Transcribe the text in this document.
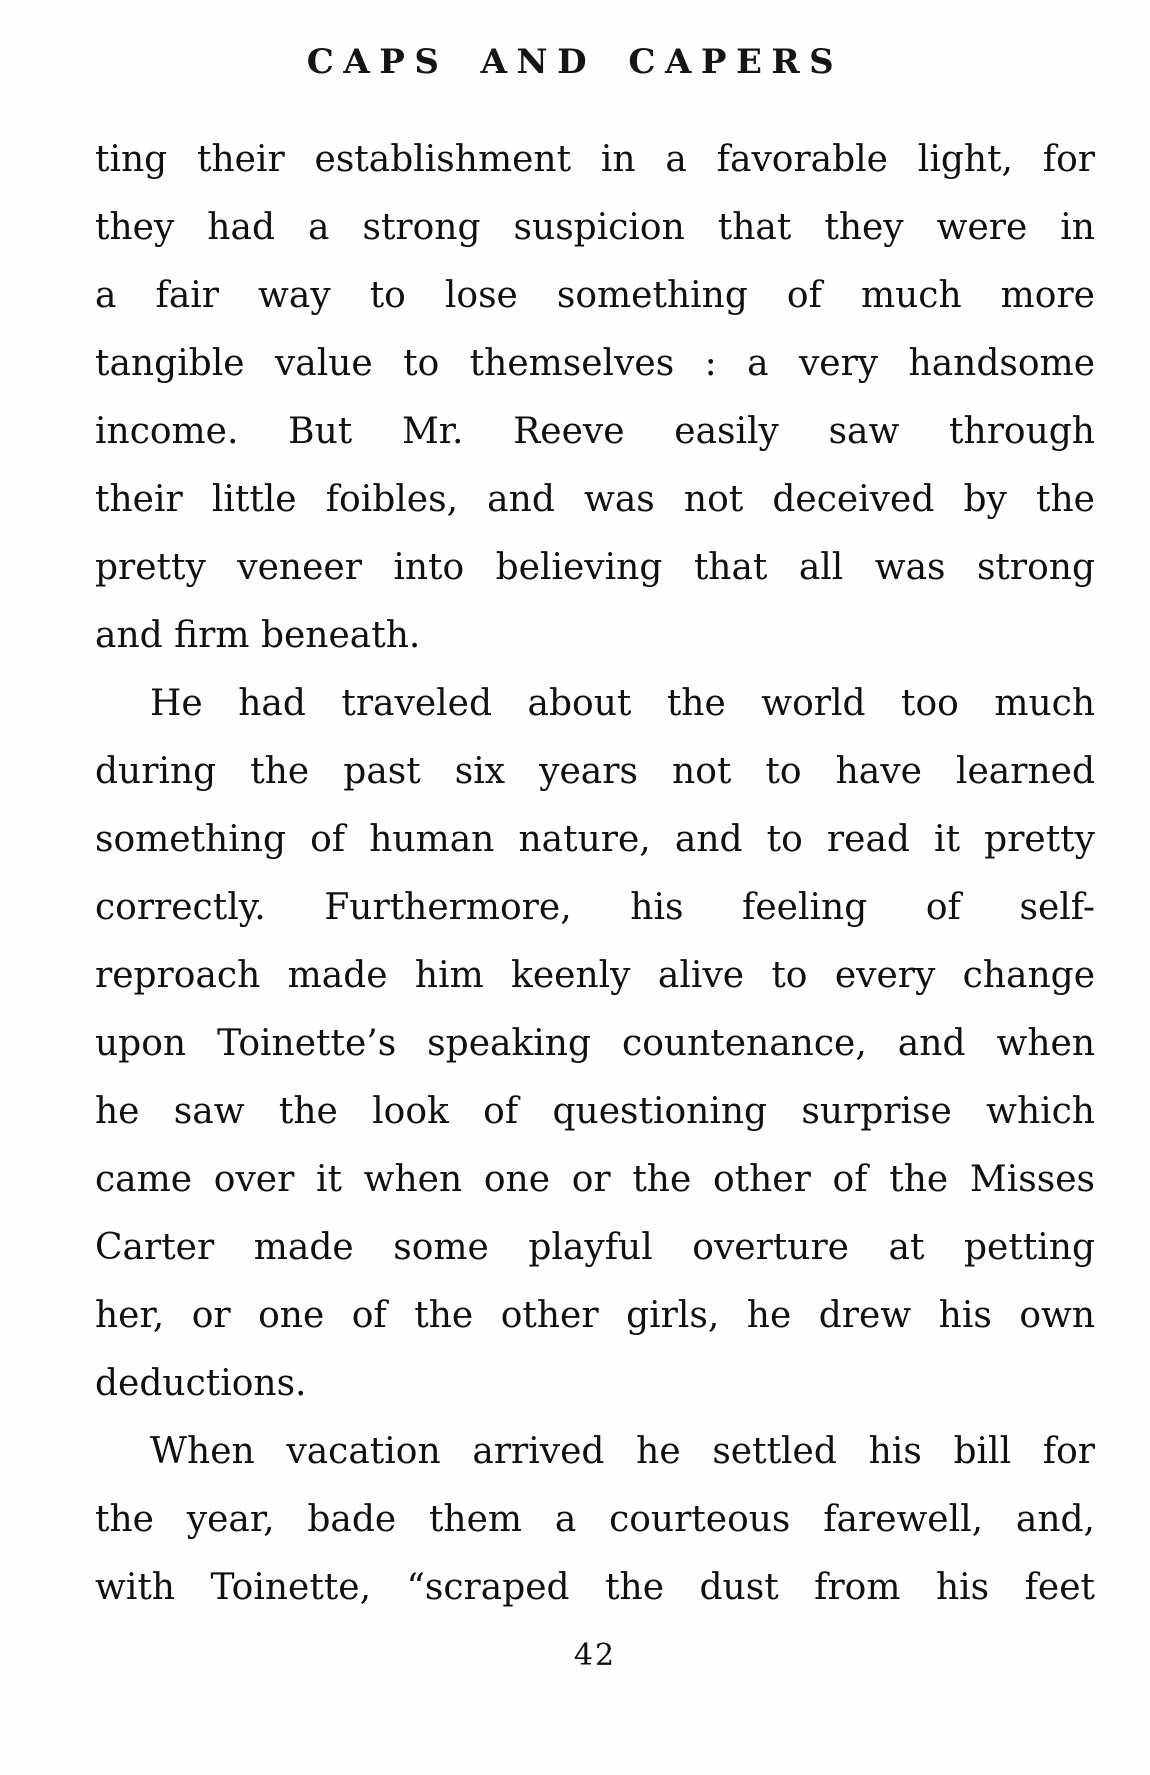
CAPS AND CAPERS
ting their establishment in a favorable light, for
they had a strong suspicion that they were in
a fair way to lose something of much more
tangible value to themselves : a very handsome
income. But Mr. Reeve easily saw through
their little foibles, and was not deceived by the
pretty veneer into believing that all was strong
and firm beneath.
He had traveled about the world too much
during the past six years not to have learned
something of human nature, and to read it pretty
correctly. Furthermore, his feeling of self-
reproach made him keenly alive to every change
upon Toinette’s speaking countenance, and when
he saw the look of questioning surprise which
came over it when one or the other of the Misses
Carter made some playful overture at petting
her, or one of the other girls, he drew his own
deductions.
When vacation arrived he settled his bill for
the year, bade them a courteous farewell, and,
with Toinette, “scraped the dust from his feet
42
